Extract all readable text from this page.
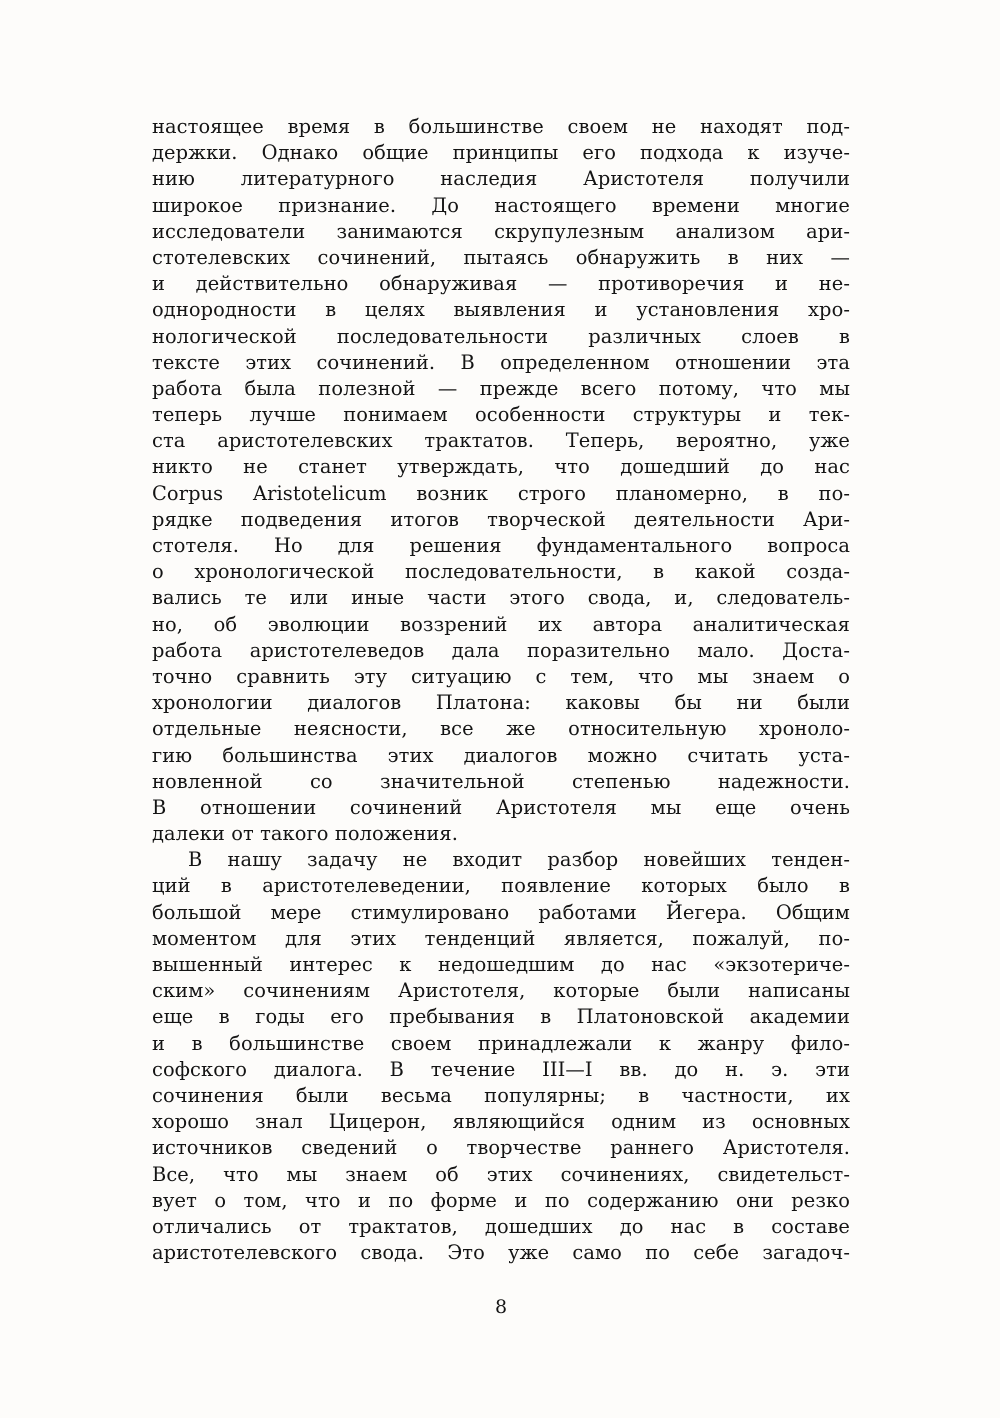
настоящее время в большинстве своем не находят под-
держки. Однако общие принципы его подхода к изуче-
нию литературного наследия Аристотеля получили
широкое признание. До настоящего времени многие
исследователи занимаются скрупулезным анализом ари-
стотелевских сочинений, пытаясь обнаружить в них —
и действительно обнаруживая — противоречия и не-
однородности в целях выявления и установления хро-
нологической последовательности различных слоев в
тексте этих сочинений. В определенном отношении эта
работа была полезной — прежде всего потому, что мы
теперь лучше понимаем особенности структуры и тек-
ста аристотелевских трактатов. Теперь, вероятно, уже
никто не станет утверждать, что дошедший до нас
Corpus Aristotelicum возник строго планомерно, в по-
рядке подведения итогов творческой деятельности Ари-
стотеля. Но для решения фундаментального вопроса
о хронологической последовательности, в какой созда-
вались те или иные части этого свода, и, следователь-
но, об эволюции воззрений их автора аналитическая
работа аристотелеведов дала поразительно мало. Доста-
точно сравнить эту ситуацию с тем, что мы знаем о
хронологии диалогов Платона: каковы бы ни были
отдельные неясности, все же относительную хроноло-
гию большинства этих диалогов можно считать уста-
новленной со значительной степенью надежности.
В отношении сочинений Аристотеля мы еще очень
далеки от такого положения.
В нашу задачу не входит разбор новейших тенден-
ций в аристотелеведении, появление которых было в
большой мере стимулировано работами Йегера. Общим
моментом для этих тенденций является, пожалуй, по-
вышенный интерес к недошедшим до нас «экзотериче-
ским» сочинениям Аристотеля, которые были написаны
еще в годы его пребывания в Платоновской академии
и в большинстве своем принадлежали к жанру фило-
софского диалога. В течение III—I вв. до н. э. эти
сочинения были весьма популярны; в частности, их
хорошо знал Цицерон, являющийся одним из основных
источников сведений о творчестве раннего Аристотеля.
Все, что мы знаем об этих сочинениях, свидетельст-
вует о том, что и по форме и по содержанию они резко
отличались от трактатов, дошедших до нас в составе
аристотелевского свода. Это уже само по себе загадоч-
8
